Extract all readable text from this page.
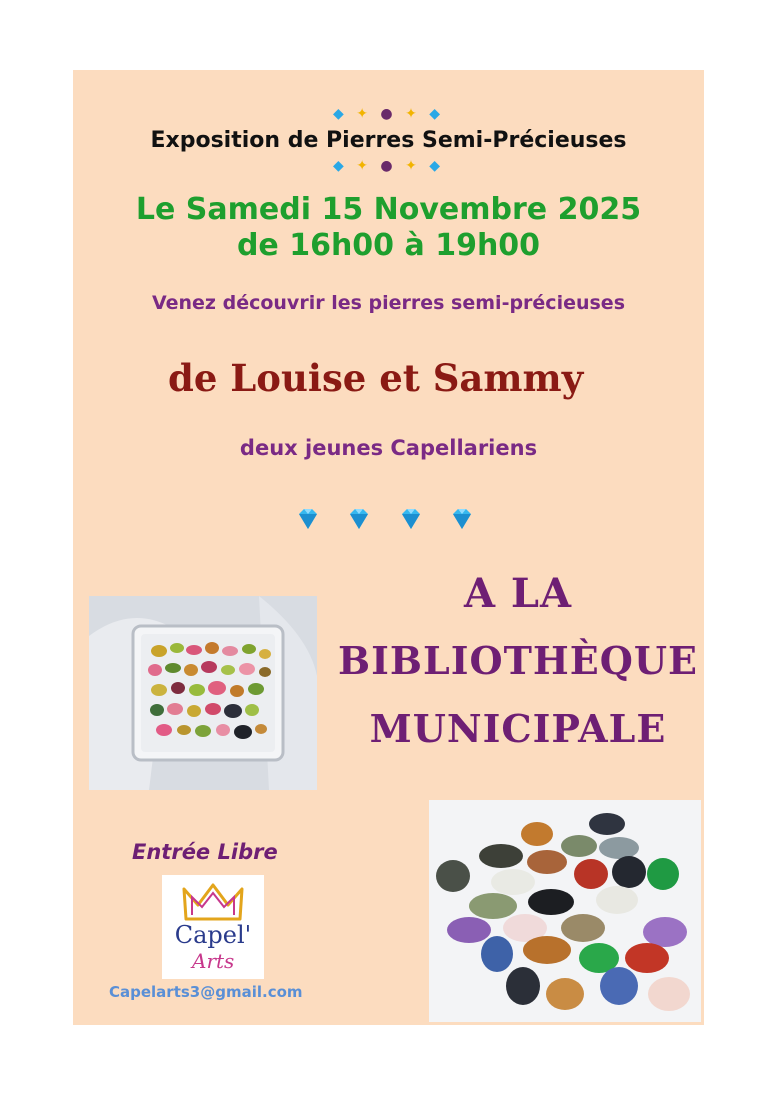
◆ ✦ ● ✦ ◆
Exposition de Pierres Semi-Précieuses
◆ ✦ ● ✦ ◆
Le Samedi 15 Novembre 2025
de 16h00 à 19h00
Venez découvrir les pierres semi-précieuses
de Louise et Sammy
deux jeunes Capellariens
A LA
BIBLIOTHÈQUE
MUNICIPALE
Entrée Libre
Capel'
Arts
Capelarts3@gmail.com
